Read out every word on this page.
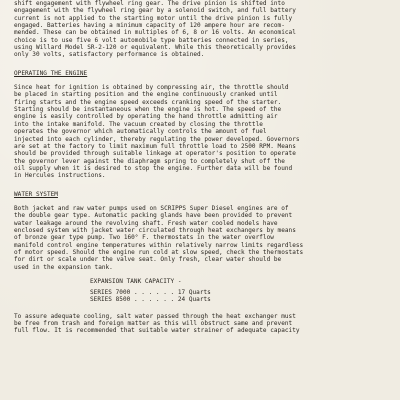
shift engagement with flywheel ring gear. The drive pinion is shifted into
engagement with the flywheel ring gear by a solenoid switch, and full battery
current is not applied to the starting motor until the drive pinion is fully
engaged. Batteries having a minimum capacity of 120 ampere hour are recom-
mended. These can be obtained in multiples of 6, 8 or 16 volts. An economical
choice is to use five 6 volt automobile type batteries connected in series,
using Willard Model SR-2-120 or equivalent. While this theoretically provides
only 30 volts, satisfactory performance is obtained.
OPERATING THE ENGINE
Since heat for ignition is obtained by compressing air, the throttle should
be placed in starting position and the engine continuously cranked until
firing starts and the engine speed exceeds cranking speed of the starter.
Starting should be instantaneous when the engine is hot. The speed of the
engine is easily controlled by operating the hand throttle admitting air
into the intake manifold. The vacuum created by closing the throttle
operates the governor which automatically controls the amount of fuel
injected into each cylinder, thereby regulating the power developed. Governors
are set at the factory to limit maximum full throttle load to 2500 RPM. Means
should be provided through suitable linkage at operator's position to operate
the governor lever against the diaphragm spring to completely shut off the
oil supply when it is desired to stop the engine. Further data will be found
in Hercules instructions.
WATER SYSTEM
Both jacket and raw water pumps used on SCRIPPS Super Diesel engines are of
the double gear type. Automatic packing glands have been provided to prevent
water leakage around the revolving shaft. Fresh water cooled models have
enclosed system with jacket water circulated through heat exchangers by means
of bronze gear type pump. Two 160° F. thermostats in the water overflow
manifold control engine temperatures within relatively narrow limits regardless
of motor speed. Should the engine run cold at slow speed, check the thermostats
for dirt or scale under the valve seat. Only fresh, clear water should be
used in the expansion tank.
EXPANSION TANK CAPACITY -
SERIES 7000 . . . . . . 17 Quarts
SERIES 8500 . . . . . . 24 Quarts
To assure adequate cooling, salt water passed through the heat exchanger must
be free from trash and foreign matter as this will obstruct same and prevent
full flow. It is recommended that suitable water strainer of adequate capacity
